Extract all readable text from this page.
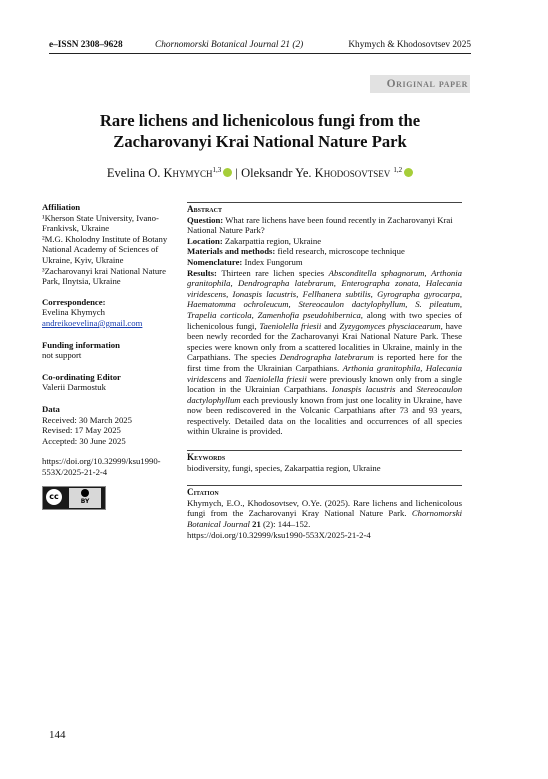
e–ISSN 2308–9628	Chornomorski Botanical Journal 21 (2)	Khymych & Khodosovtsev 2025
Original paper
Rare lichens and lichenicolous fungi from the
Zacharovanyi Krai National Nature Park
Evelina O. Khymych$^{1,3}$ | Oleksandr Ye. Khodosovtsev $^{1,2}$
Affiliation
¹Kherson State University, Ivano-Frankivsk, Ukraine
²M.G. Kholodny Institute of Botany National Academy of Sciences of Ukraine, Kyiv, Ukraine
³Zacharovanyi krai National Nature Park, Ilnytsia, Ukraine
Correspondence:
Evelina Khymych
andreikoevelina@gmail.com
Funding information
not support
Co-ordinating Editor
Valerii Darmostuk
Data
Received: 30 March 2025
Revised: 17 May 2025
Accepted: 30 June 2025
https://doi.org/10.32999/ksu1990-553X/2025-21-2-4
cc
BY
Abstract
Question: What rare lichens have been found recently in Zacharovanyi Krai National Nature Park?
Location: Zakarpattia region, Ukraine
Materials and methods: field research, microscope technique
Nomenclature: Index Fungorum
Results: Thirteen rare lichen species Absconditella sphagnorum, Arthonia granitophila, Dendrographa latebrarum, Enterographa zonata, Halecania viridescens, Ionaspis lacustris, Fellhanera subtilis, Gyrographa gyrocarpa, Haematomma ochroleucum, Stereocaulon dactylophyllum, S. pileatum, Trapelia corticola, Zamenhofia pseudohibernica, along with two species of lichenicolous fungi, Taeniolella friesii and Zyzygomyces physciacearum, have been newly recorded for the Zacharovanyi Krai National Nature Park. These species were known only from a scattered localities in Ukraine, mainly in the Carpathians. The species Dendrographa latebrarum is reported here for the first time from the Ukrainian Carpathians. Arthonia granitophila, Halecania viridescens and Taeniolella friesii were previously known only from a single location in the Ukrainian Carpathians. Ionaspis lacustris and Stereocaulon dactylophyllum each previously known from just one locality in Ukraine, have now been rediscovered in the Volcanic Carpathians after 73 and 93 years, respectively. Detailed data on the localities and occurrences of all species within Ukraine is provided.
Keywords
biodiversity, fungi, species, Zakarpattia region, Ukraine
Citation
Khymych, E.O., Khodosovtsev, O.Ye. (2025). Rare lichens and lichenicolous fungi from the Zacharovanyi Kray National Nature Park. Chornomorski Botanical Journal 21 (2): 144–152.
https://doi.org/10.32999/ksu1990-553X/2025-21-2-4
144
